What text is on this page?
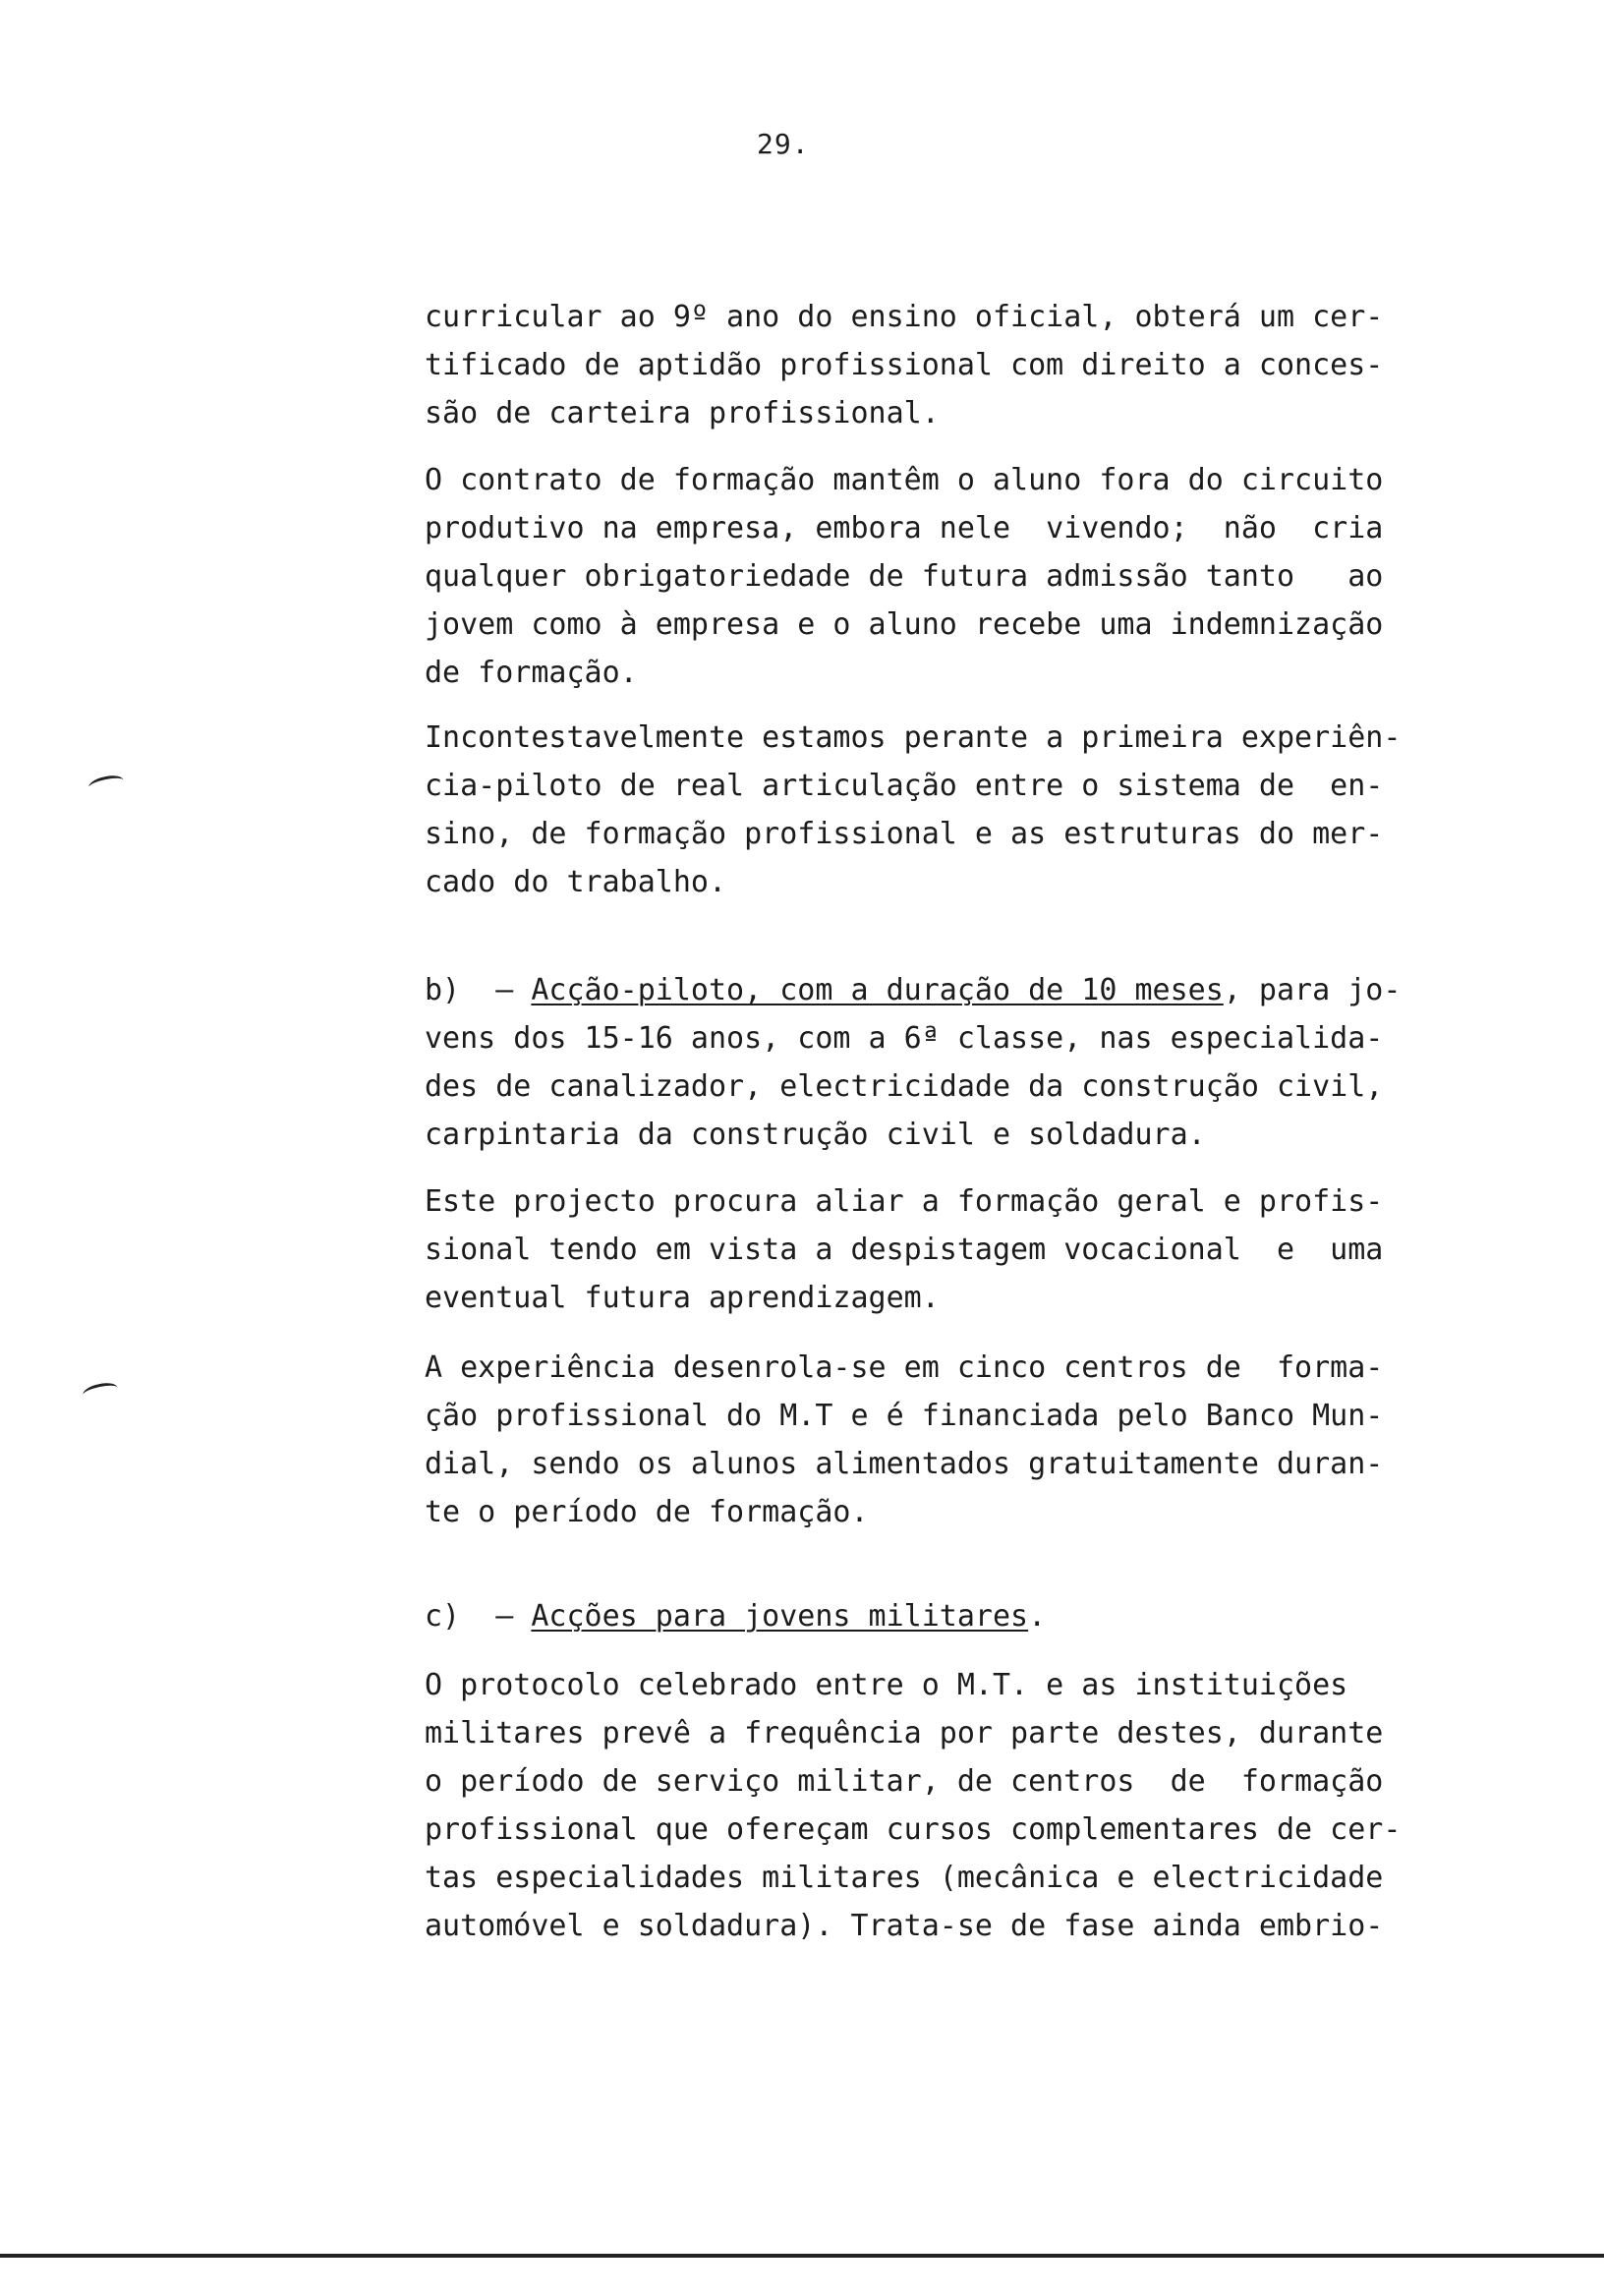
29.
curricular ao 9º ano do ensino oficial, obterá um cer-
tificado de aptidão profissional com direito a conces-
são de carteira profissional.
O contrato de formação mantêm o aluno fora do circuito
produtivo na empresa, embora nele  vivendo;  não  cria
qualquer obrigatoriedade de futura admissão tanto   ao
jovem como à empresa e o aluno recebe uma indemnização
de formação.
Incontestavelmente estamos perante a primeira experiên-
cia-piloto de real articulação entre o sistema de  en-
sino, de formação profissional e as estruturas do mer-
cado do trabalho.
b) — Acção-piloto, com a duração de 10 meses, para jo-
vens dos 15-16 anos, com a 6ª classe, nas especialida-
des de canalizador, electricidade da construção civil,
carpintaria da construção civil e soldadura.
Este projecto procura aliar a formação geral e profis-
sional tendo em vista a despistagem vocacional  e  uma
eventual futura aprendizagem.
A experiência desenrola-se em cinco centros de  forma-
ção profissional do M.T e é financiada pelo Banco Mun-
dial, sendo os alunos alimentados gratuitamente duran-
te o período de formação.
c) — Acções para jovens militares.
O protocolo celebrado entre o M.T. e as instituições
militares prevê a frequência por parte destes, durante
o período de serviço militar, de centros  de  formação
profissional que ofereçam cursos complementares de cer-
tas especialidades militares (mecânica e electricidade
automóvel e soldadura). Trata-se de fase ainda embrio-
